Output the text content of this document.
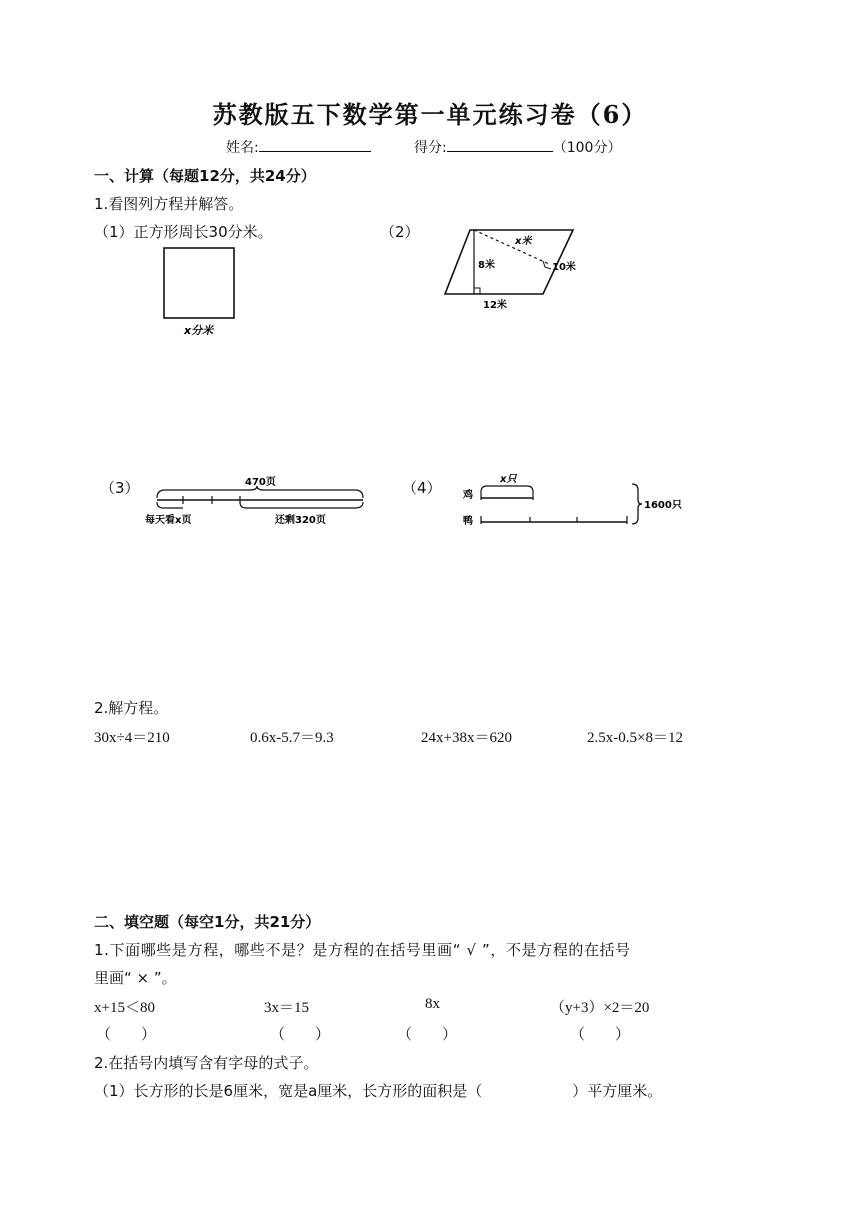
苏教版五下数学第一单元练习卷（6）
姓名:	得分:	（100分）
一、计算（每题12分，共24分）
1.看图列方程并解答。
（1）正方形周长30分米。	（2）
x分米
x米
8米	10米
12米
（3）	470页
每天看x页	还剩320页
（4）	x只
鸡
鸭
1600只
2.解方程。
30x÷4＝210	0.6x-5.7＝9.3	24x+38x＝620	2.5x-0.5×8＝12
二、填空题（每空1分，共21分）
1.下面哪些是方程，哪些不是？是方程的在括号里画“ √ ”，不是方程的在括号
里画“ × ”。
x+15＜80	3x＝15	8x	（y+3）×2＝20
（　　）	（　　）	（　　）	（　　）
2.在括号内填写含有字母的式子。
（1）长方形的长是6厘米，宽是a厘米，长方形的面积是（　　　　　　）平方厘米。
